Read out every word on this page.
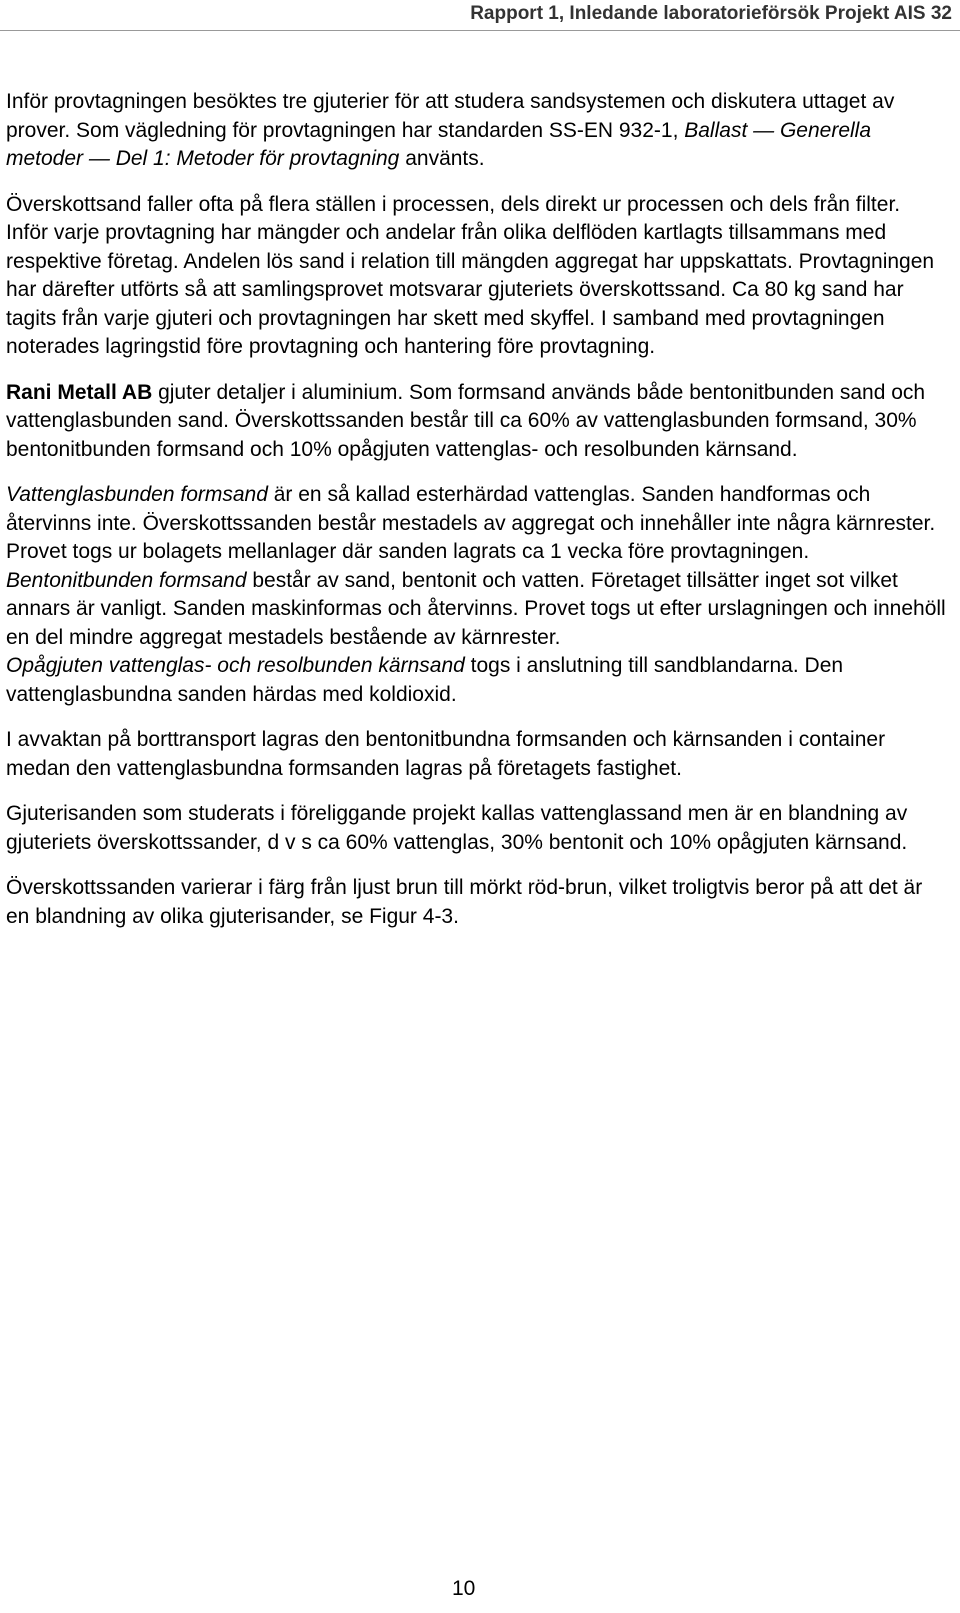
Rapport 1, Inledande laboratorieförsök Projekt AIS 32

Inför provtagningen besöktes tre gjuterier för att studera sandsystemen och diskutera uttaget av prover. Som vägledning för provtagningen har standarden SS-EN 932-1, Ballast — Generella metoder — Del 1: Metoder för provtagning använts.

Överskottsand faller ofta på flera ställen i processen, dels direkt ur processen och dels från filter. Inför varje provtagning har mängder och andelar från olika delflöden kartlagts tillsammans med respektive företag. Andelen lös sand i relation till mängden aggregat har uppskattats. Provtagningen har därefter utförts så att samlingsprovet motsvarar gjuteriets överskottssand. Ca 80 kg sand har tagits från varje gjuteri och provtagningen har skett med skyffel. I samband med provtagningen noterades lagringstid före provtagning och hantering före provtagning.

Rani Metall AB gjuter detaljer i aluminium. Som formsand används både bentonitbunden sand och vattenglasbunden sand. Överskottssanden består till ca 60% av vattenglasbunden formsand, 30% bentonitbunden formsand och 10% opågjuten vattenglas- och resolbunden kärnsand.

Vattenglasbunden formsand är en så kallad esterhärdad vattenglas. Sanden handformas och återvinns inte. Överskottssanden består mestadels av aggregat och innehåller inte några kärnrester. Provet togs ur bolagets mellanlager där sanden lagrats ca 1 vecka före provtagningen.

Bentonitbunden formsand består av sand, bentonit och vatten. Företaget tillsätter inget sot vilket annars är vanligt. Sanden maskinformas och återvinns. Provet togs ut efter urslagningen och innehöll en del mindre aggregat mestadels bestående av kärnrester.

Opågjuten vattenglas- och resolbunden kärnsand togs i anslutning till sandblandarna. Den vattenglasbundna sanden härdas med koldioxid.

I avvaktan på borttransport lagras den bentonitbundna formsanden och kärnsanden i container medan den vattenglasbundna formsanden lagras på företagets fastighet.

Gjuterisanden som studerats i föreliggande projekt kallas vattenglassand men är en blandning av gjuteriets överskottssander, d v s ca 60% vattenglas, 30% bentonit och 10% opågjuten kärnsand.

Överskottssanden varierar i färg från ljust brun till mörkt röd-brun, vilket troligtvis beror på att det är en blandning av olika gjuterisander, se Figur 4-3.

10
